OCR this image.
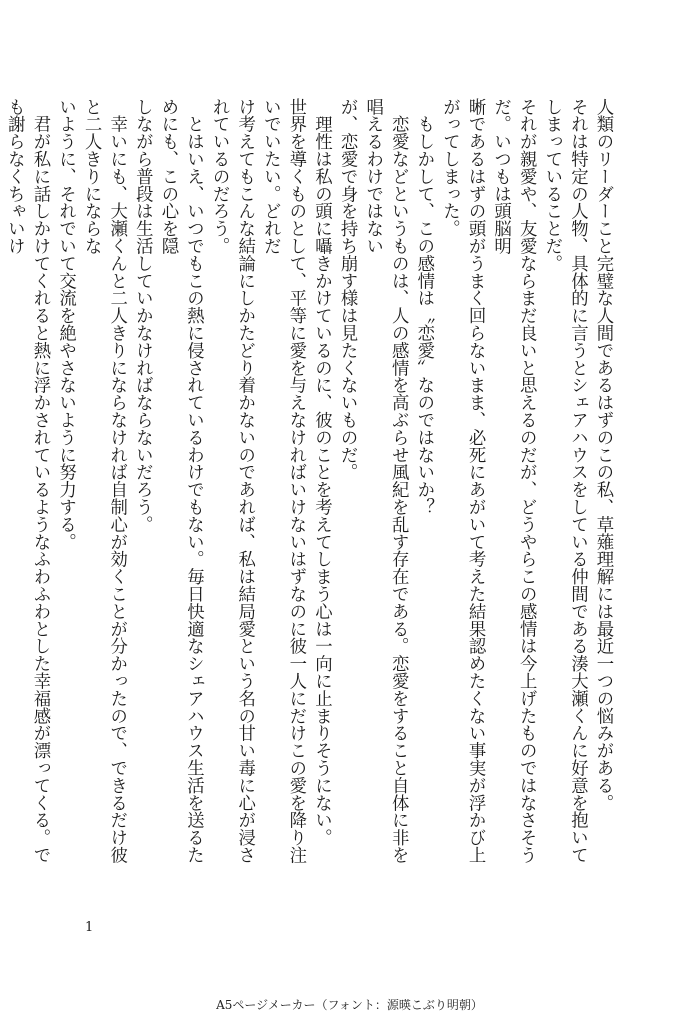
人類のリーダーこと完璧な人間であるはずのこの私、草薙理解には最近一つの悩みがある。

それは特定の人物、具体的に言うとシェアハウスをしている仲間である湊大瀬くんに好意を抱いてしまっていることだ。

それが親愛や、友愛ならまだ良いと思えるのだが、どうやらこの感情は今上げたものではなさそうだ。いつもは頭脳明

晰であるはずの頭がうまく回らないまま、必死にあがいて考えた結果認めたくない事実が浮かび上がってしまった。

　もしかして、この感情は〝恋愛〟なのではないか？

　恋愛などというものは、人の感情を高ぶらせ風紀を乱す存在である。恋愛をすること自体に非を唱えるわけではない

が、恋愛で身を持ち崩す様は見たくないものだ。

　理性は私の頭に囁きかけているのに、彼のことを考えてしまう心は一向に止まりそうにない。

世界を導くものとして、平等に愛を与えなければいけないはずなのに彼一人にだけこの愛を降り注いでいたい。どれだ

け考えてもこんな結論にしかたどり着かないのであれば、私は結局愛という名の甘い毒に心が浸されているのだろう。

　とはいえ、いつでもこの熱に侵されているわけでもない。毎日快適なシェアハウス生活を送るためにも、この心を隠

しながら普段は生活していかなければならないだろう。

　幸いにも、大瀬くんと二人きりにならなければ自制心が効くことが分かったので、できるだけ彼と二人きりにならな

いように、それでいて交流を絶やさないように努力する。

　君が私に話しかけてくれると熱に浮かされているようなふわふわとした幸福感が漂ってくる。でも謝らなくちゃいけ

1
A5ページメーカー（フォント：源暎こぶり明朝）
